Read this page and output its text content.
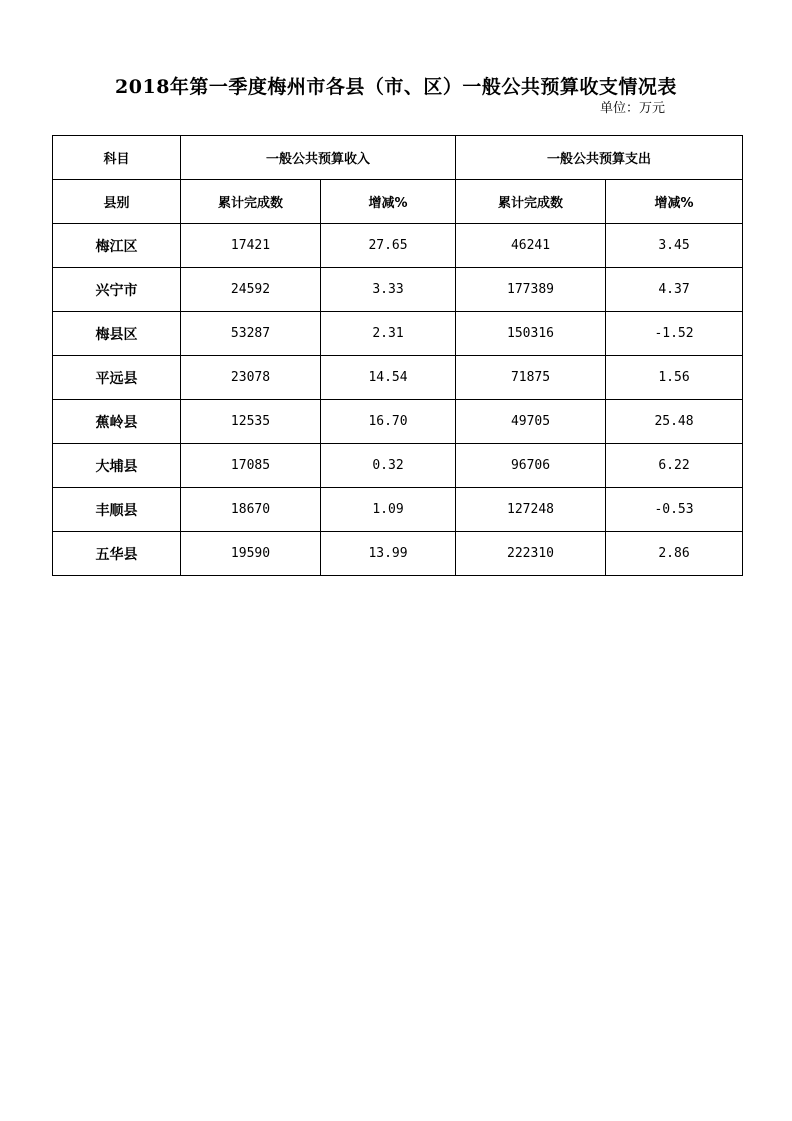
2018年第一季度梅州市各县（市、区）一般公共预算收支情况表
单位：万元
科目	一般公共预算收入		一般公共预算支出	
县别	累计完成数	增减%	累计完成数	增减%
梅江区	17421	27.65	46241	3.45
兴宁市	24592	3.33	177389	4.37
梅县区	53287	2.31	150316	-1.52
平远县	23078	14.54	71875	1.56
蕉岭县	12535	16.70	49705	25.48
大埔县	17085	0.32	96706	6.22
丰顺县	18670	1.09	127248	-0.53
五华县	19590	13.99	222310	2.86
